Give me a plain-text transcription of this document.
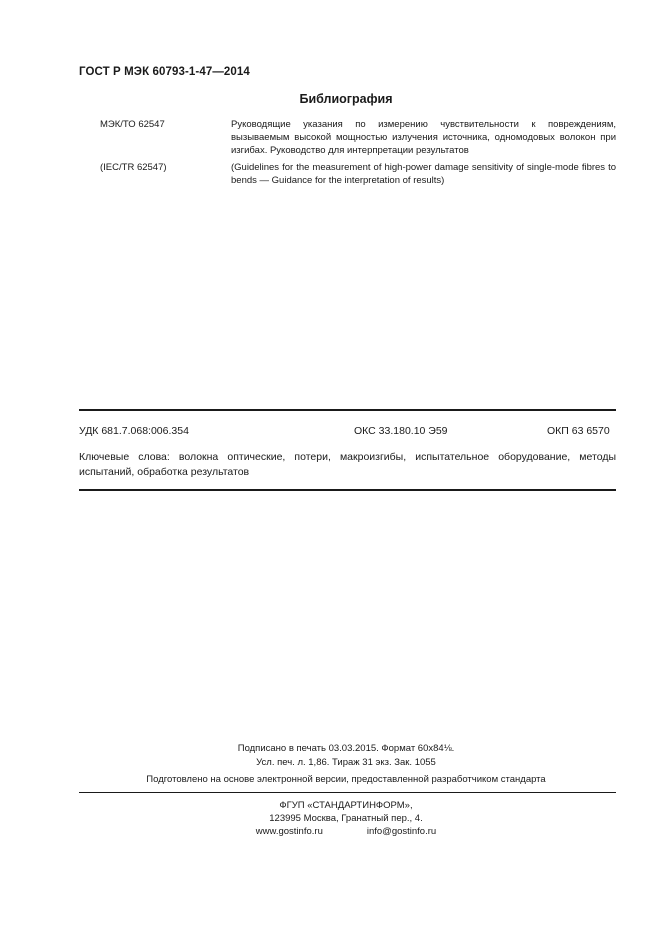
ГОСТ Р МЭК 60793-1-47—2014
Библиография
МЭК/ТО 62547	Руководящие указания по измерению чувствительности к повреждениям, вызываемым высокой мощностью излучения источника, одномодовых волокон при изгибах. Руководство для интерпретации результатов
(IEC/TR 62547)	(Guidelines for the measurement of high-power damage sensitivity of single-mode fibres to bends — Guidance for the interpretation of results)
УДК 681.7.068:006.354	ОКС 33.180.10 Э59	ОКП 63 6570
Ключевые слова: волокна оптические, потери, макроизгибы, испытательное оборудование, методы испытаний, обработка результатов
Подписано в печать 03.03.2015. Формат 60x84⅛.
Усл. печ. л. 1,86. Тираж 31 экз. Зак. 1055
Подготовлено на основе электронной версии, предоставленной разработчиком стандарта
ФГУП «СТАНДАРТИНФОРМ»,
123995 Москва, Гранатный пер., 4.
www.gostinfo.ru	info@gostinfo.ru
